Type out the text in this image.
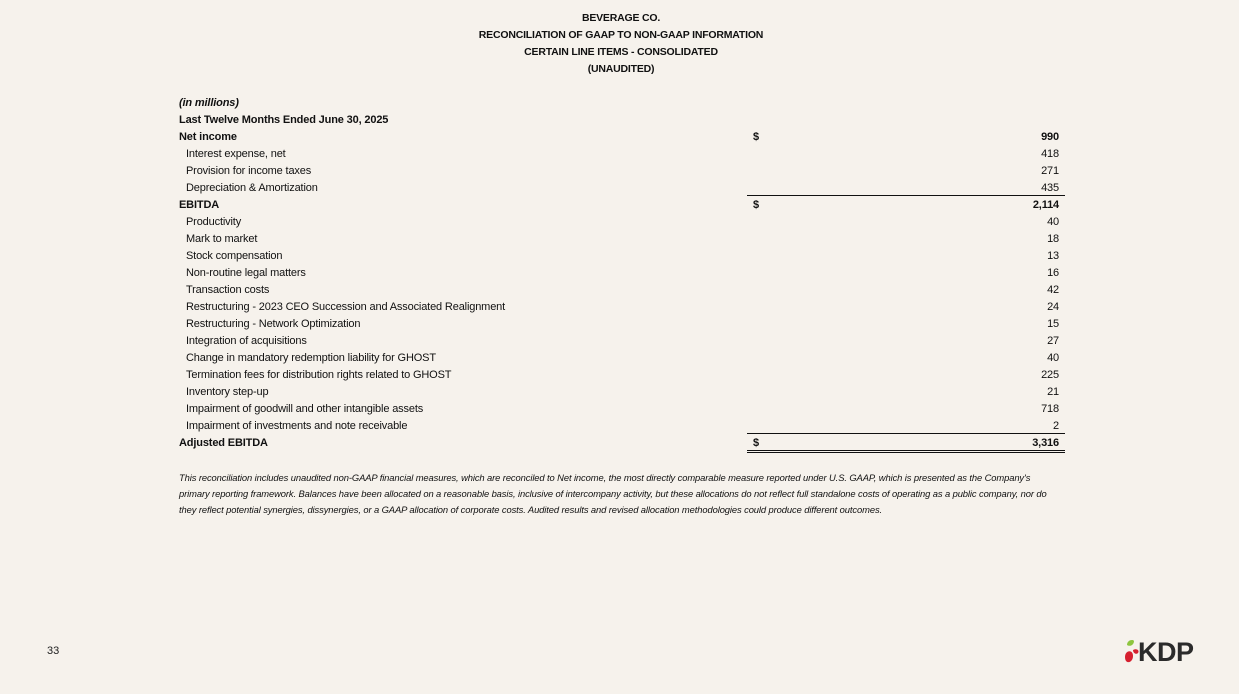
BEVERAGE CO.
RECONCILIATION OF GAAP TO NON-GAAP INFORMATION
CERTAIN LINE ITEMS - CONSOLIDATED
(UNAUDITED)
(in millions)
Last Twelve Months Ended June 30, 2025
Net income	$	990
Interest expense, net	418
Provision for income taxes	271
Depreciation & Amortization	435
EBITDA	$	2,114
Productivity	40
Mark to market	18
Stock compensation	13
Non-routine legal matters	16
Transaction costs	42
Restructuring - 2023 CEO Succession and Associated Realignment	24
Restructuring - Network Optimization	15
Integration of acquisitions	27
Change in mandatory redemption liability for GHOST	40
Termination fees for distribution rights related to GHOST	225
Inventory step-up	21
Impairment of goodwill and other intangible assets	718
Impairment of investments and note receivable	2
Adjusted EBITDA	$	3,316
This reconciliation includes unaudited non-GAAP financial measures, which are reconciled to Net income, the most directly comparable measure reported under U.S. GAAP, which is presented as the Company's primary reporting framework. Balances have been allocated on a reasonable basis, inclusive of intercompany activity, but these allocations do not reflect full standalone costs of operating as a public company, nor do they reflect potential synergies, dissynergies, or a GAAP allocation of corporate costs. Audited results and revised allocation methodologies could produce different outcomes.
33	KDP
